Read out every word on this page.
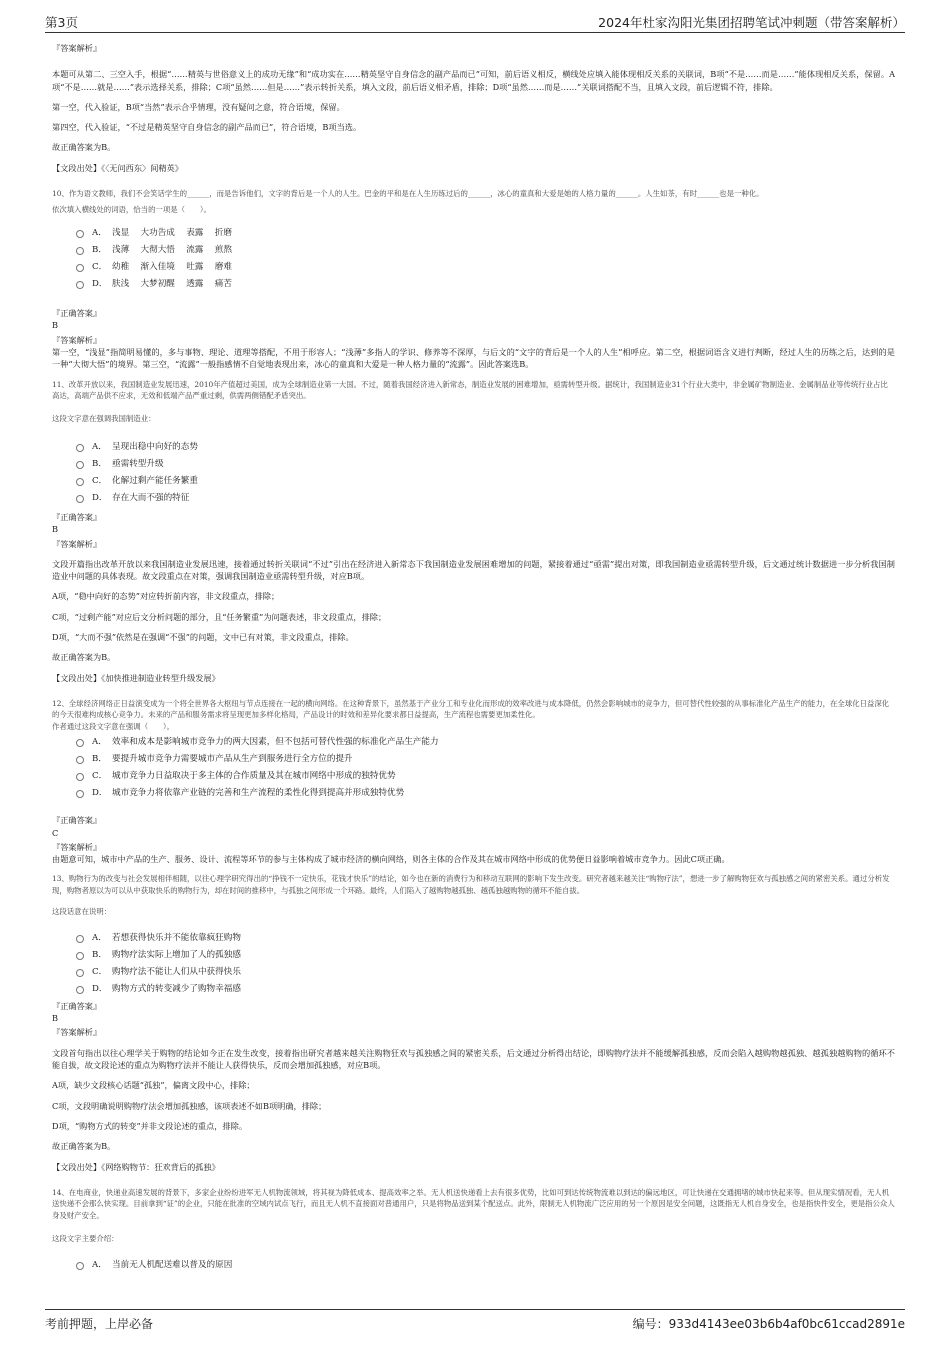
第3页	2024年杜家沟阳光集团招聘笔试冲刺题（带答案解析）

『答案解析』

本题可从第二、三空入手，根据“……精英与世俗意义上的成功无缘”和“成功实在……精英坚守自身信念的副产品而已”可知，前后语义相反，横线处应填入能体现相反关系的关联词，B项“不是……而是……”能体现相反关系，保留。A项“不是……就是……”表示选择关系，排除；C项“虽然……但是……”表示转折关系，填入文段，前后语义相矛盾，排除；D项“虽然……而是……”关联词搭配不当，且填入文段，前后逻辑不符，排除。

第一空，代入验证，B项“当然”表示合乎情理，没有疑问之意，符合语境，保留。

第四空，代入验证，“不过是精英坚守自身信念的副产品而已”，符合语境，B项当选。

故正确答案为B。

【文段出处】《〈无问西东〉间精英》

10、作为语文教师，我们不会笑话学生的______，而是告诉他们，文字的背后是一个人的人生。巴金的平和是在人生历练过后的______，冰心的童真和大爱是她的人格力量的______。人生如茶，有时______也是一种化。

依次填入横线处的词语，恰当的一项是（　　）。

A． 浅显　 大功告成　 表露　 折磨
B． 浅薄　 大彻大悟　 流露　 煎熬
C． 幼稚　 渐入佳境　 吐露　 磨难
D． 肤浅　 大梦初醒　 透露　 痛苦

『正确答案』

B

『答案解析』

第一空，“浅显”指简明易懂的，多与事物、理论、道理等搭配，不用于形容人；“浅薄”多指人的学识、修养等不深厚，与后文的“文字的背后是一个人的人生”相呼应。第二空，根据词语含义进行判断，经过人生的历练之后，达到的是一种“大彻大悟”的境界。第三空，“流露”一般指感情不自觉地表现出来，冰心的童真和大爱是一种人格力量的“流露”。因此答案选B。

11、改革开放以来，我国制造业发展迅速，2010年产值超过美国，成为全球制造业第一大国。不过，随着我国经济进入新常态，制造业发展的困难增加，亟需转型升级。据统计，我国制造业31个行业大类中，非金属矿物制造业、金属制品业等传统行业占比高达，高端产品供不应求，无效和低端产品严重过剩，供需两侧错配矛盾突出。

这段文字意在强调我国制造业：

A． 呈现出稳中向好的态势
B． 亟需转型升级
C． 化解过剩产能任务繁重
D． 存在大而不强的特征

『正确答案』

B

『答案解析』

文段开篇指出改革开放以来我国制造业发展迅速，接着通过转折关联词“不过”引出在经济进入新常态下我国制造业发展困难增加的问题，紧接着通过“亟需”提出对策，即我国制造业亟需转型升级，后文通过统计数据进一步分析我国制造业中问题的具体表现。故文段重点在对策，强调我国制造业亟需转型升级，对应B项。

A项，“稳中向好的态势”对应转折前内容，非文段重点，排除；

C项，“过剩产能”对应后文分析问题的部分，且“任务繁重”为问题表述，非文段重点，排除；

D项，“大而不强”依然是在强调“不强”的问题，文中已有对策，非文段重点，排除。

故正确答案为B。

【文段出处】《加快推进制造业转型升级发展》

12、全球经济网络正日益演变成为一个将全世界各大枢纽与节点连接在一起的横向网络。在这种背景下，虽然基于产业分工和专业化而形成的效率改进与成本降低，仍然会影响城市的竞争力，但可替代性较强的从事标准化产品生产的能力，在全球化日益深化的今天很难构成核心竞争力。未来的产品和服务需求将呈现更加多样化格局，产品设计的时效和差异化要求都日益提高，生产流程也需要更加柔性化。

作者通过这段文字意在强调（　　）。

A． 效率和成本是影响城市竞争力的两大因素，但不包括可替代性强的标准化产品生产能力
B． 要提升城市竞争力需要城市产品从生产到服务进行全方位的提升
C． 城市竞争力日益取决于多主体的合作质量及其在城市网络中形成的独特优势
D． 城市竞争力将依靠产业链的完善和生产流程的柔性化得到提高并形成独特优势

『正确答案』

C

『答案解析』

由题意可知，城市中产品的生产、服务、设计、流程等环节的参与主体构成了城市经济的横向网络，则各主体的合作及其在城市网络中形成的优势便日益影响着城市竞争力。因此C项正确。

13、购物行为的改变与社会发展相伴相随，以往心理学研究得出的“挣钱不一定快乐，花钱才快乐”的结论，如今也在新的消费行为和移动互联网的影响下发生改变。研究者越来越关注“购物疗法”，想进一步了解购物狂欢与孤独感之间的紧密关系。通过分析发现，购物者原以为可以从中获取快乐的购物行为，却在时间的推移中，与孤独之间形成一个环路。最终，人们陷入了越购物越孤独、越孤独越购物的循环不能自拔。

这段话意在说明：

A． 若想获得快乐并不能依靠疯狂购物
B． 购物疗法实际上增加了人的孤独感
C． 购物疗法不能让人们从中获得快乐
D． 购物方式的转变减少了购物幸福感

『正确答案』

B

『答案解析』

文段首句指出以往心理学关于购物的结论如今正在发生改变，接着指出研究者越来越关注购物狂欢与孤独感之间的紧密关系，后文通过分析得出结论，即购物疗法并不能缓解孤独感，反而会陷入越购物越孤独、越孤独越购物的循环不能自拔，故文段论述的重点为购物疗法并不能让人获得快乐，反而会增加孤独感，对应B项。

A项，缺少文段核心话题“孤独”，偏离文段中心，排除；

C项，文段明确说明购物疗法会增加孤独感，该项表述不如B项明确，排除；

D项，“购物方式的转变”并非文段论述的重点，排除。

故正确答案为B。

【文段出处】《网络购物节：狂欢背后的孤独》

14、在电商业，快递业高速发展的背景下，多家企业纷纷进军无人机物流领域，将其视为降低成本、提高效率之举。无人机送快递看上去有很多优势，比如可到达传统物流难以到达的偏远地区，可让快递在交通拥堵的城市快起来等。但从现实情况看，无人机送快递不会那么快实现。目前拿到“证”的企业，只能在批准的空域内试点飞行，而且无人机不直接面对普通用户，只是将物品送到某个配送点。此外，限制无人机物流广泛应用的另一个原因是安全问题，这既指无人机自身安全，也是指快件安全，更是指公众人身及财产安全。

这段文字主要介绍：

A． 当前无人机配送难以普及的原因
考前押题，上岸必备	编号：933d4143ee03b6b4af0bc61ccad2891e
